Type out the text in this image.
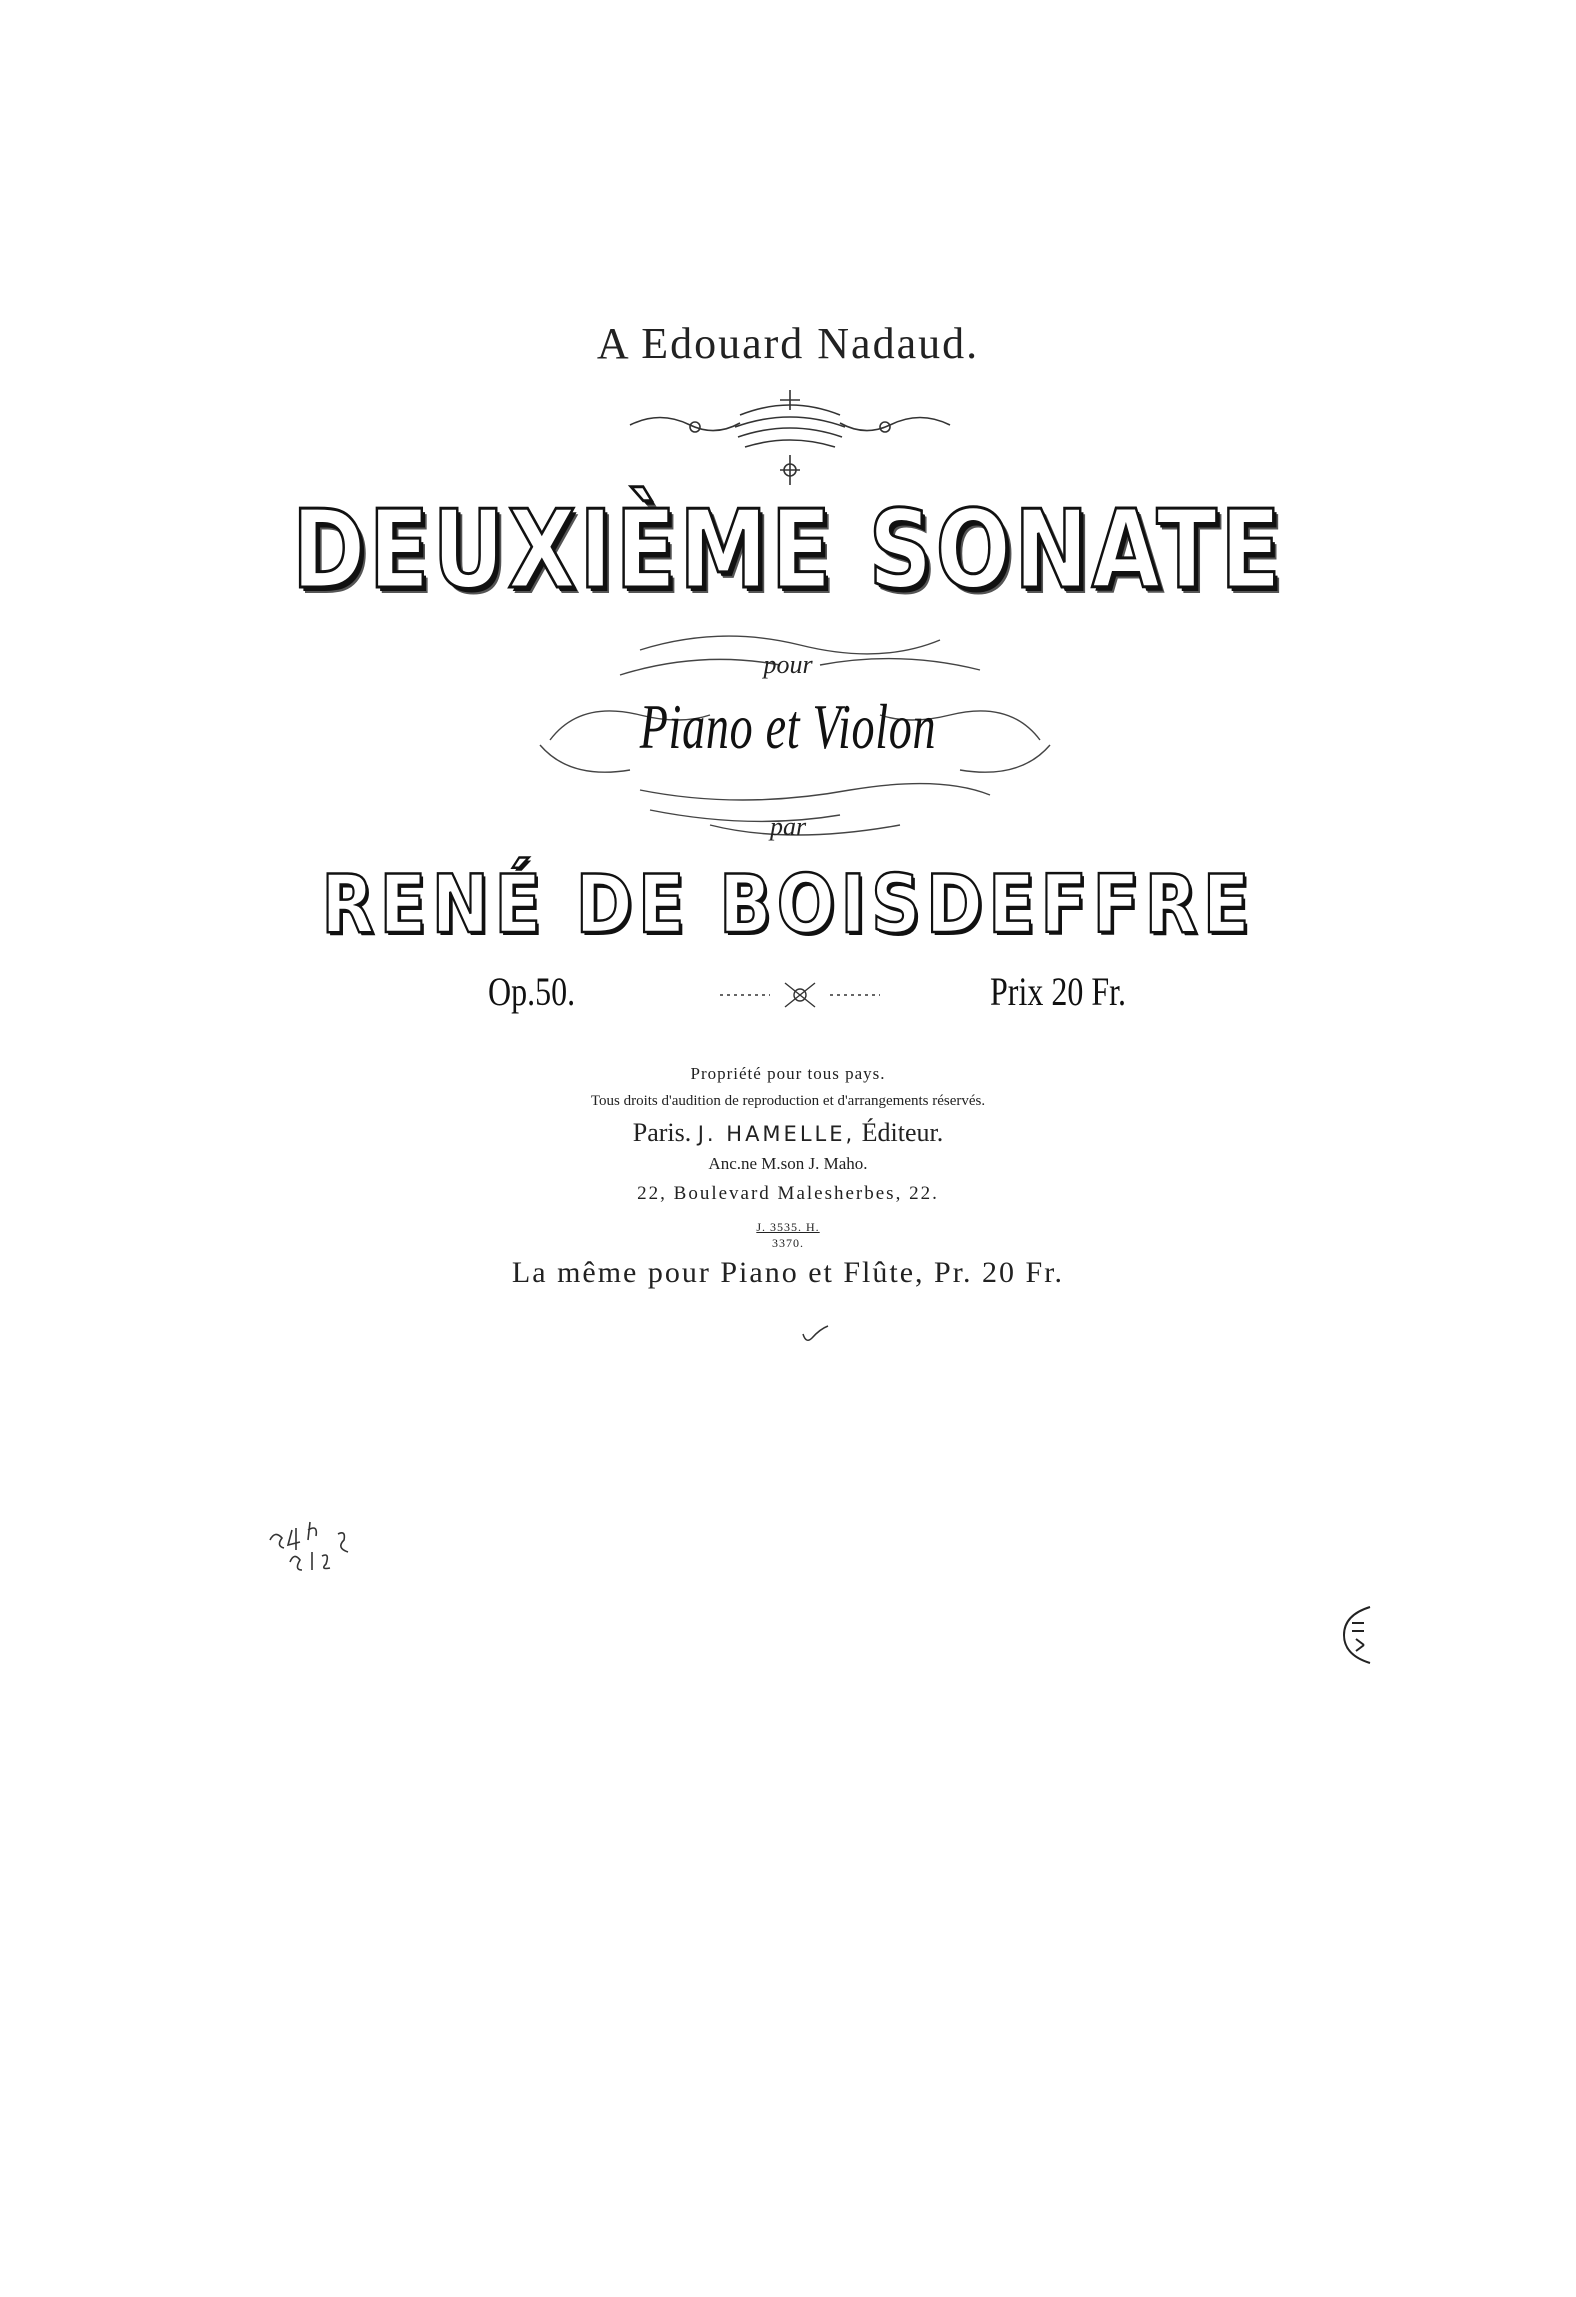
A Edouard Nadaud.
DEUXIÈME SONATE
pour
Piano et Violon
par
RENÉ DE BOISDEFFRE
Op.50.	Prix 20 Fr.
Propriété pour tous pays.
Tous droits d'audition de reproduction et d'arrangements réservés.
Paris. J. HAMELLE, Éditeur.
Anc.ne M.son J. Maho.
22, Boulevard Malesherbes, 22.
J. 3535. H.
3370.
La même pour Piano et Flûte, Pr. 20 Fr.
